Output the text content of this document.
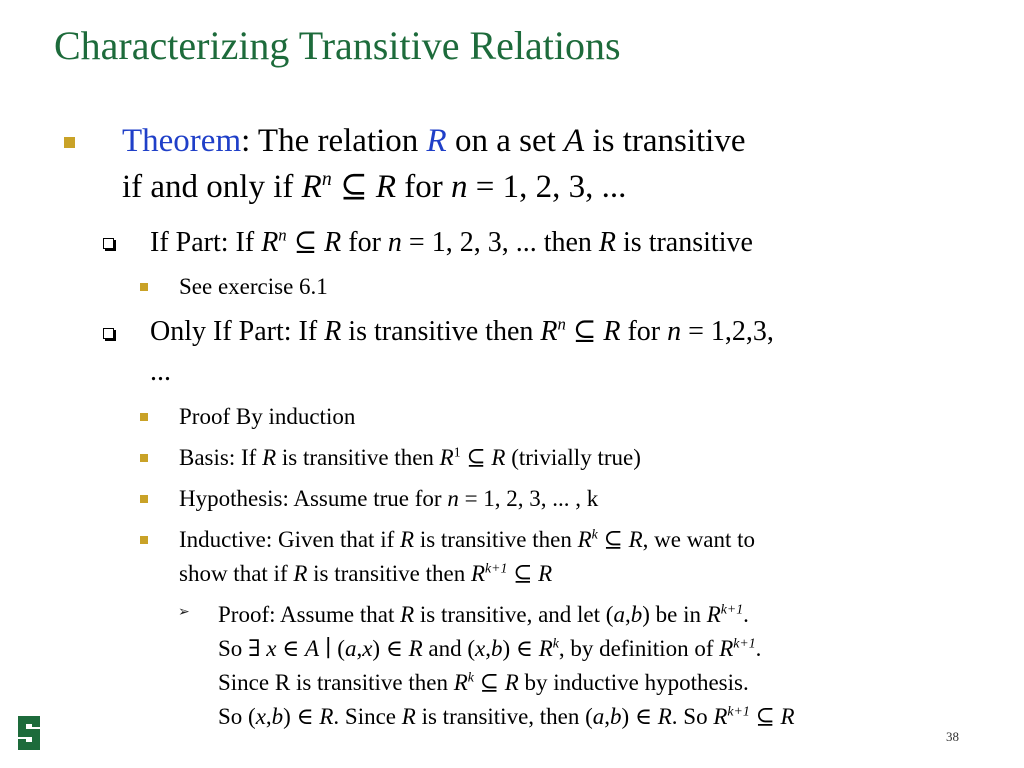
Characterizing Transitive Relations
Theorem: The relation R on a set A is transitive
if and only if $R^n$ ⊆ R for n = 1, 2, 3, ...
If Part: If $R^n$ ⊆ R for n = 1, 2, 3, ... then R is transitive
See exercise 6.1
Only If Part: If R is transitive then $R^n$ ⊆ R for n = 1,2,3,
...
Proof By induction
Basis: If R is transitive then $R^1$ ⊆ R (trivially true)
Hypothesis: Assume true for n = 1, 2, 3, ... , k
Inductive: Given that if R is transitive then $R^k$ ⊆ R, we want to
show that if R is transitive then $R^{k+1}$ ⊆ R
➢ Proof: Assume that R is transitive, and let (a,b) be in $R^{k+1}$.
So ∃ x ∈ A ∣ (a,x) ∈ R and (x,b) ∈ $R^k$, by definition of $R^{k+1}$.
Since R is transitive then $R^k$ ⊆ R by inductive hypothesis.
So (x,b) ∈ R. Since R is transitive, then (a,b) ∈ R. So $R^{k+1}$ ⊆ R
38
